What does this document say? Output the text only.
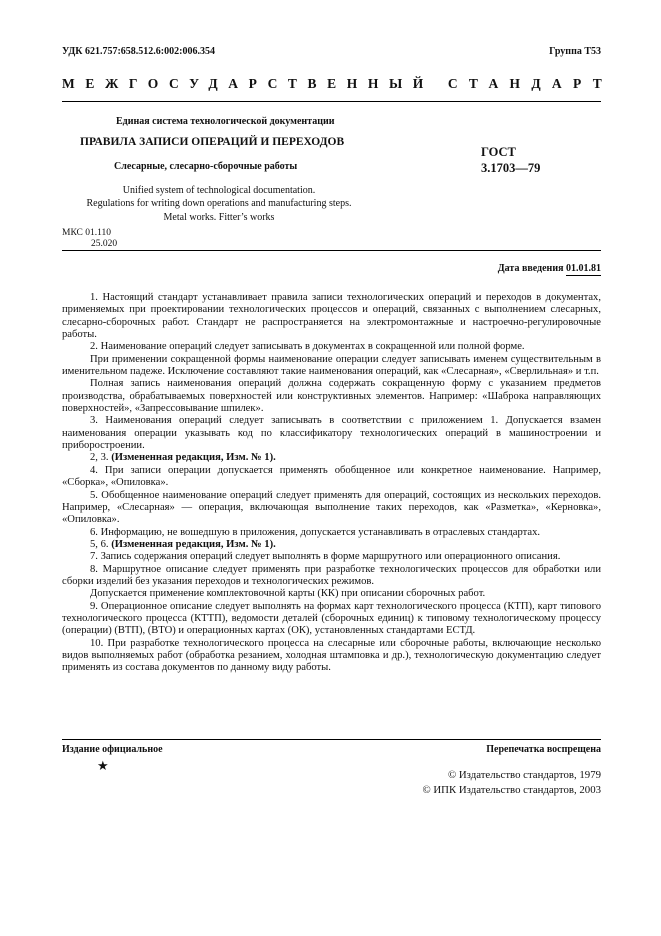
УДК 621.757:658.512.6:002:006.354	Группа Т53
МЕЖГОСУДАРСТВЕННЫЙ СТАНДАРТ
Единая система технологической документации
ПРАВИЛА ЗАПИСИ ОПЕРАЦИЙ И ПЕРЕХОДОВ
Слесарные, слесарно-сборочные работы
ГОСТ
3.1703—79
Unified system of technological documentation.
Regulations for writing down operations and manufacturing steps.
Metal works. Fitter’s works
МКС 01.110
25.020
Дата введения 01.01.81

1. Настоящий стандарт устанавливает правила записи технологических операций и переходов в документах, применяемых при проектировании технологических процессов и операций, связанных с выполнением слесарных, слесарно-сборочных работ. Стандарт не распространяется на электромонтажные и настроечно-регулировочные работы.

2. Наименование операций следует записывать в документах в сокращенной или полной форме.

При применении сокращенной формы наименование операции следует записывать именем существительным в именительном падеже. Исключение составляют такие наименования операций, как «Слесарная», «Сверлильная» и т.п.

Полная запись наименования операций должна содержать сокращенную форму с указанием предметов производства, обрабатываемых поверхностей или конструктивных элементов. Например: «Шаброка направляющих поверхностей», «Запрессовывание шпилек».

3. Наименования операций следует записывать в соответствии с приложением 1. Допускается взамен наименования операции указывать код по классификатору технологических операций в машиностроении и приборостроении.

2, 3. (Измененная редакция, Изм. № 1).

4. При записи операции допускается применять обобщенное или конкретное наименование. Например, «Сборка», «Опиловка».

5. Обобщенное наименование операций следует применять для операций, состоящих из нескольких переходов. Например, «Слесарная» — операция, включающая выполнение таких переходов, как «Разметка», «Керновка», «Опиловка».

6. Информацию, не вошедшую в приложения, допускается устанавливать в отраслевых стандартах.

5, 6. (Измененная редакция, Изм. № 1).

7. Запись содержания операций следует выполнять в форме маршрутного или операционного описания.

8. Маршрутное описание следует применять при разработке технологических процессов для обработки или сборки изделий без указания переходов и технологических режимов.

Допускается применение комплектовочной карты (КК) при описании сборочных работ.

9. Операционное описание следует выполнять на формах карт технологического процесса (КТП), карт типового технологического процесса (КТТП), ведомости деталей (сборочных единиц) к типовому технологическому процессу (операции) (ВТП), (ВТО) и операционных картах (ОК), установленных стандартами ЕСТД.

10. При разработке технологического процесса на слесарные или сборочные работы, включающие несколько видов выполняемых работ (обработка резанием, холодная штамповка и др.), технологическую документацию следует применять из состава документов по данному виду работы.

Издание официальное	Перепечатка воспрещена
★
© Издательство стандартов, 1979
© ИПК Издательство стандартов, 2003
